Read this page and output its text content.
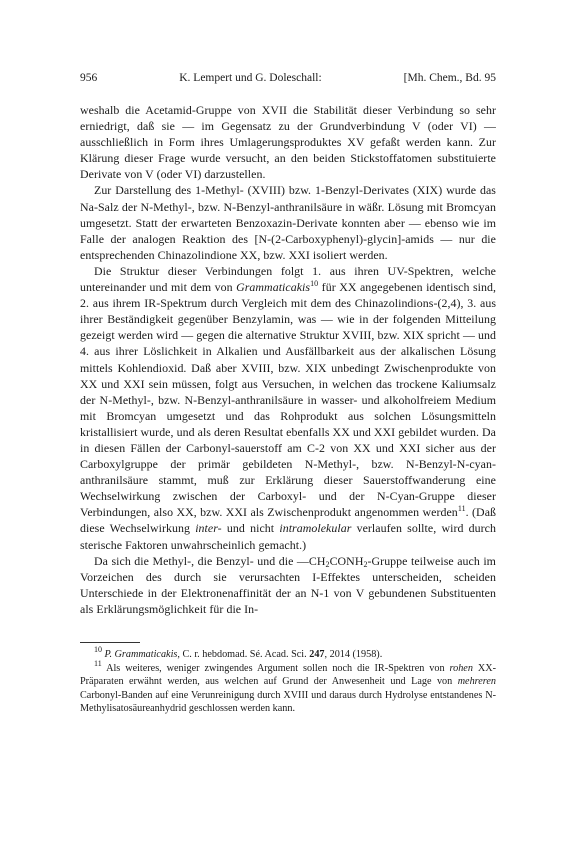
956	K. Lempert und G. Doleschall:	[Mh. Chem., Bd. 95

weshalb die Acetamid-Gruppe von XVII die Stabilität dieser Verbindung so sehr erniedrigt, daß sie — im Gegensatz zu der Grundverbindung V (oder VI) — ausschließlich in Form ihres Umlagerungsproduktes XV gefaßt werden kann. Zur Klärung dieser Frage wurde versucht, an den beiden Stickstoffatomen substituierte Derivate von V (oder VI) darzustellen.

Zur Darstellung des 1-Methyl- (XVIII) bzw. 1-Benzyl-Derivates (XIX) wurde das Na-Salz der N-Methyl-, bzw. N-Benzyl-anthranilsäure in wäßr. Lösung mit Bromcyan umgesetzt. Statt der erwarteten Benzoxazin-Derivate konnten aber — ebenso wie im Falle der analogen Reaktion des [N-(2-Carboxyphenyl)-glycin]-amids — nur die entsprechenden Chinazolindione XX, bzw. XXI isoliert werden.

Die Struktur dieser Verbindungen folgt 1. aus ihren UV-Spektren, welche untereinander und mit dem von Grammaticakis$^{10}$ für XX angegebenen identisch sind, 2. aus ihrem IR-Spektrum durch Vergleich mit dem des Chinazolindions-(2,4), 3. aus ihrer Beständigkeit gegenüber Benzylamin, was — wie in der folgenden Mitteilung gezeigt werden wird — gegen die alternative Struktur XVIII, bzw. XIX spricht — und 4. aus ihrer Löslichkeit in Alkalien und Ausfällbarkeit aus der alkalischen Lösung mittels Kohlendioxid. Daß aber XVIII, bzw. XIX unbedingt Zwischenprodukte von XX und XXI sein müssen, folgt aus Versuchen, in welchen das trockene Kaliumsalz der N-Methyl-, bzw. N-Benzyl-anthranilsäure in wasser- und alkoholfreiem Medium mit Bromcyan umgesetzt und das Rohprodukt aus solchen Lösungsmitteln kristallisiert wurde, und als deren Resultat ebenfalls XX und XXI gebildet wurden. Da in diesen Fällen der Carbonyl-sauerstoff am C-2 von XX und XXI sicher aus der Carboxylgruppe der primär gebildeten N-Methyl-, bzw. N-Benzyl-N-cyan-anthranilsäure stammt, muß zur Erklärung dieser Sauerstoffwanderung eine Wechselwirkung zwischen der Carboxyl- und der N-Cyan-Gruppe dieser Verbindungen, also XX, bzw. XXI als Zwischenprodukt angenommen werden$^{11}$. (Daß diese Wechselwirkung inter- und nicht intramolekular verlaufen sollte, wird durch sterische Faktoren unwahrscheinlich gemacht.)

Da sich die Methyl-, die Benzyl- und die $—CH_2CONH_2$-Gruppe teilweise auch im Vorzeichen des durch sie verursachten I-Effektes unterscheiden, scheiden Unterschiede in der Elektronenaffinität der an N-1 von V gebundenen Substituenten als Erklärungsmöglichkeit für die In-

$^{10}$ P. Grammaticakis, C. r. hebdomad. Sé. Acad. Sci. 247, 2014 (1958).

$^{11}$ Als weiteres, weniger zwingendes Argument sollen noch die IR-Spektren von rohen XX-Präparaten erwähnt werden, aus welchen auf Grund der Anwesenheit und Lage von mehreren Carbonyl-Banden auf eine Verunreinigung durch XVIII und daraus durch Hydrolyse entstandenes N-Methylisatosäureanhydrid geschlossen werden kann.
